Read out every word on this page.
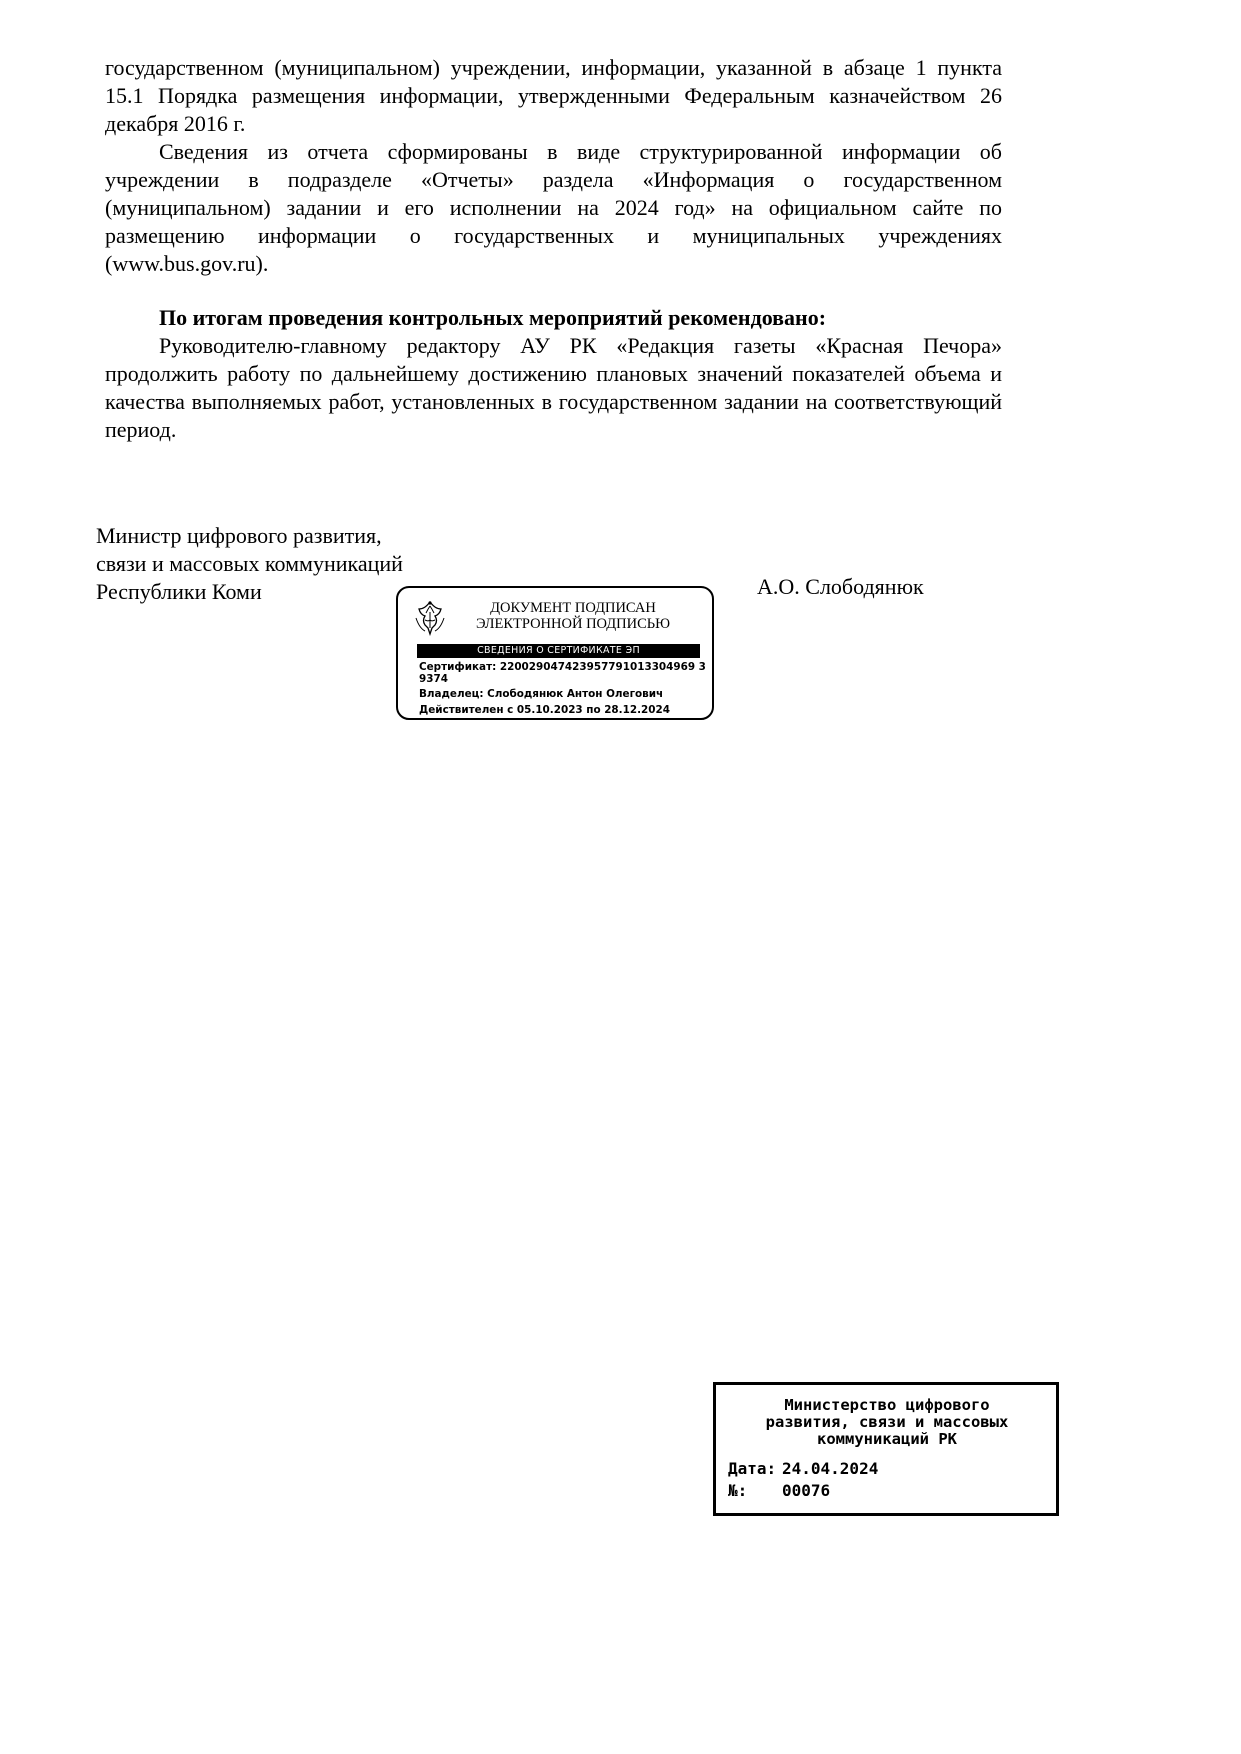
государственном (муниципальном) учреждении, информации, указанной в абзаце 1 пункта 15.1 Порядка размещения информации, утвержденными Федеральным казначейством 26 декабря 2016 г.

Сведения из отчета сформированы в виде структурированной информации об учреждении в подразделе «Отчеты» раздела «Информация о государственном (муниципальном) задании и его исполнении на 2024 год» на официальном сайте по размещению информации о государственных и муниципальных учреждениях (www.bus.gov.ru).

По итогам проведения контрольных мероприятий рекомендовано:

Руководителю-главному редактору АУ РК «Редакция газеты «Красная Печора» продолжить работу по дальнейшему достижению плановых значений показателей объема и качества выполняемых работ, установленных в государственном задании на соответствующий период.

Министр цифрового развития,
связи и массовых коммуникаций
Республики Коми	А.О. Слободянюк
ДОКУМЕНТ ПОДПИСАН
ЭЛЕКТРОННОЙ ПОДПИСЬЮ
СВЕДЕНИЯ О СЕРТИФИКАТЕ ЭП
Сертификат: 220029047423957791013304969 39374
Владелец: Слободянюк Антон Олегович
Действителен с 05.10.2023 по 28.12.2024
Министерство цифрового
развития, связи и массовых
коммуникаций РК
Дата: 24.04.2024
№: 00076
